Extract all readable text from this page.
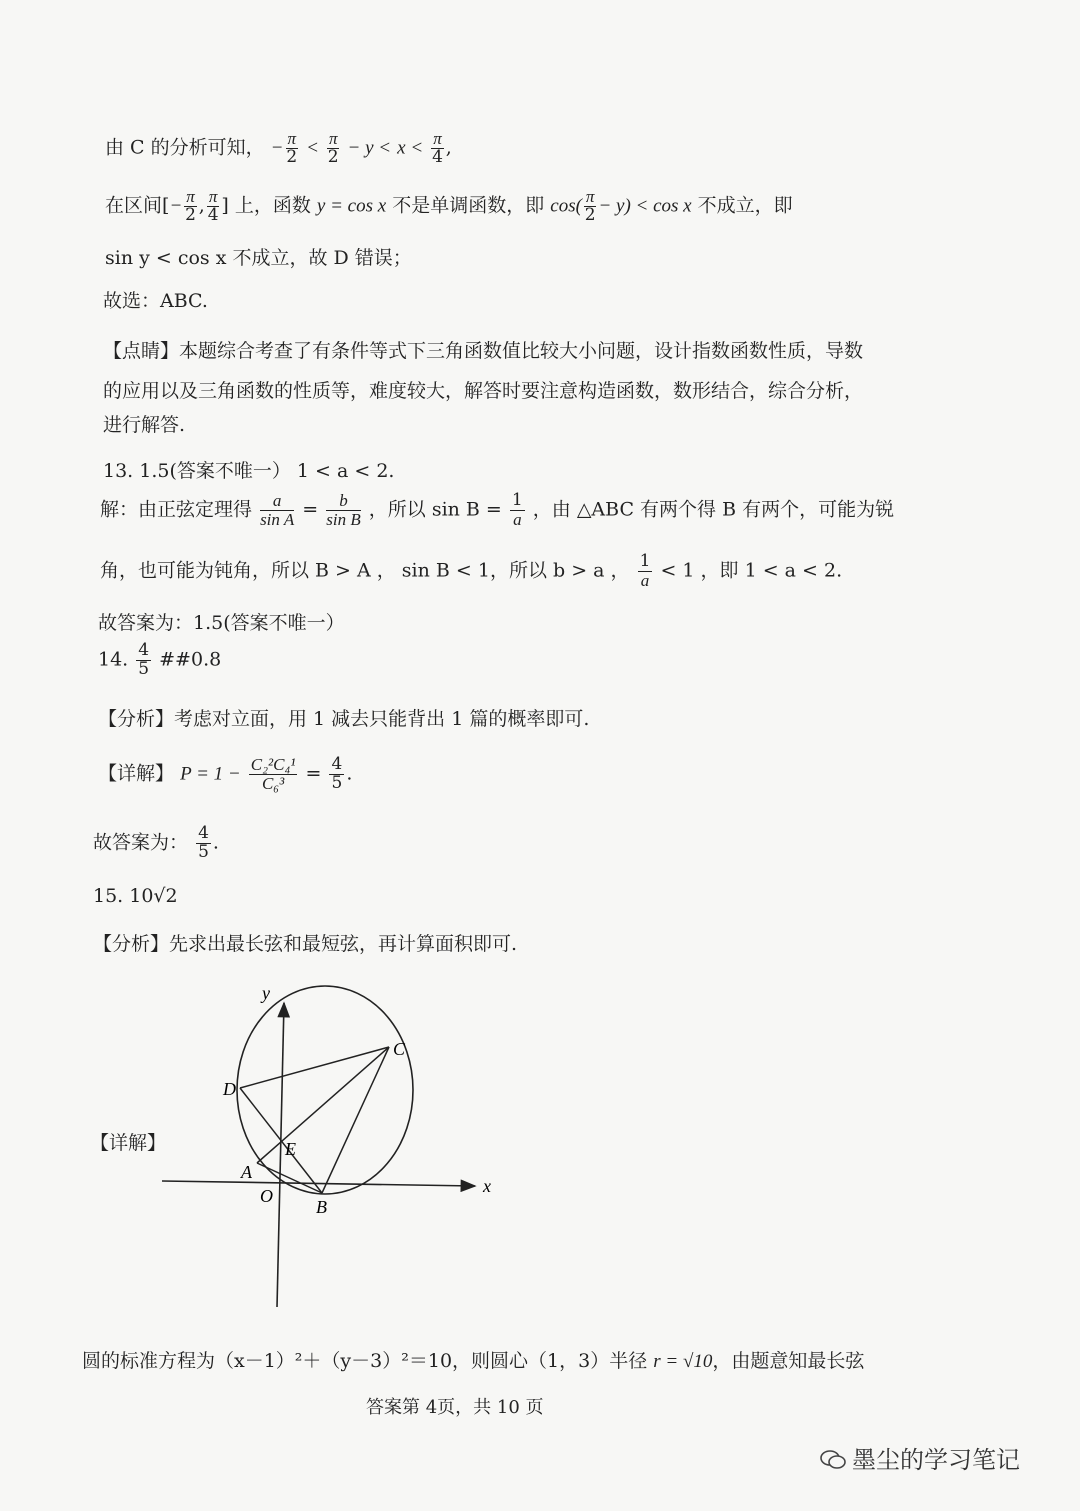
由 C 的分析可知， − $\frac{\pi}{2} < \frac{\pi}{2} - y < x < \frac{\pi}{4}$ ,
在区间[− $\frac{\pi}{2}$ , $\frac{\pi}{4}$ ] 上，函数 y = cos x 不是单调函数，即 $\cos( \frac{\pi}{2} - y) < \cos x$ 不成立，即
sin y < cos x 不成立，故 D 错误；
故选：ABC.
【点睛】本题综合考查了有条件等式下三角函数值比较大小问题，设计指数函数性质，导数
的应用以及三角函数的性质等，难度较大，解答时要注意构造函数，数形结合，综合分析，
进行解答.
13. 1.5(答案不唯一） 1 < a < 2.
解：由正弦定理得 $\frac{a}{\text{sin A}} = \frac{b}{\text{sin B}}$ ，所以 $\sin B = \frac{1}{a}$ ，由 △ABC 有两个得 B 有两个，可能为锐
角，也可能为钝角，所以 B > A ， sin B < 1，所以 b > a ， $\frac{1}{a} < 1$ ，即 1 < a < 2.
故答案为：1.5(答案不唯一）
14. $\frac{4}{5}$ ##0.8
【分析】考虑对立面，用 1 减去只能背出 1 篇的概率即可.
【详解】 $P = 1 - \frac{\text{C₂²C₄¹}}{\text{C₆³}} = \frac{4}{5}$ .
故答案为： $\frac{4}{5}$ .
15. 10√2
【分析】先求出最长弦和最短弦，再计算面积即可.
【详解】
y
x
C
D
E
A
O
B
圆的标准方程为（x－1）²＋（y－3）²＝10，则圆心（1，3）半径 r = √10，由题意知最长弦
答案第 4页，共 10 页
墨尘的学习笔记
